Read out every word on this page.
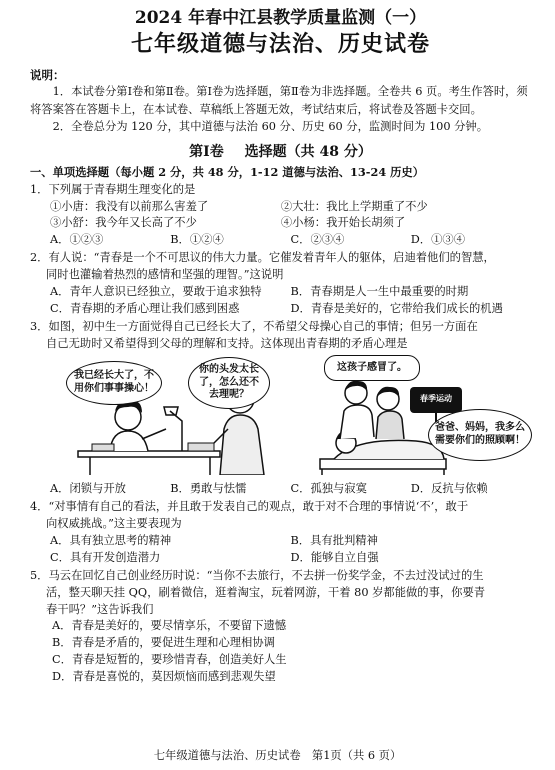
2024 年春中江县教学质量监测（一）
七年级道德与法治、历史试卷
说明：
1．本试卷分第Ⅰ卷和第Ⅱ卷。第Ⅰ卷为选择题，第Ⅱ卷为非选择题。全卷共 6 页。考生作答时，须将答案答在答题卡上，在本试卷、草稿纸上答题无效，考试结束后，将试卷及答题卡交回。
2．全卷总分为 120 分，其中道德与法治 60 分、历史 60 分，监测时间为 100 分钟。
第Ⅰ卷 选择题（共 48 分）
一、单项选择题（每小题 2 分，共 48 分，1-12 道德与法治、13-24 历史）
1．下列属于青春期生理变化的是
①小唐：我没有以前那么害羞了	②大壮：我比上学期重了不少
③小舒：我今年又长高了不少	④小杨：我开始长胡须了
A．①②③	B．①②④	C．②③④	D．①③④
2．有人说：“青春是一个不可思议的伟大力量。它催发着青年人的躯体，启迪着他们的智慧，
同时也灌输着热烈的感情和坚强的理智。”这说明
A．青年人意识已经独立，要敢于追求独特	B．青春期是人一生中最重要的时期
C．青春期的矛盾心理让我们感到困惑	D．青春是美好的，它带给我们成长的机遇
3．如图，初中生一方面觉得自己已经长大了，不希望父母操心自己的事情；但另一方面在
自己无助时又希望得到父母的理解和支持。这体现出青春期的矛盾心理是
我已经长大了，不用你们事事操心！
你的头发太长了，怎么还不去理呢？	春季运动
这孩子感冒了。
爸爸、妈妈，我多么需要你们的照顾啊！
A．闭锁与开放	B．勇敢与怯懦	C．孤独与寂寞	D．反抗与依赖
4．“对事情有自己的看法，并且敢于发表自己的观点，敢于对不合理的事情说‘不’，敢于
向权威挑战。”这主要表现为
A．具有独立思考的精神	B．具有批判精神
C．具有开发创造潜力	D．能够自立自强
5．马云在回忆自己创业经历时说：“当你不去旅行，不去拼一份奖学金，不去过没试过的生
活，整天聊天挂 QQ，刷着微信，逛着淘宝，玩着网游，干着 80 岁都能做的事，你要青
春干吗？”这告诉我们
A．青春是美好的，要尽情享乐，不要留下遗憾
B．青春是矛盾的，要促进生理和心理相协调
C．青春是短暂的，要珍惜青春，创造美好人生
D．青春是喜悦的，莫因烦恼而感到悲观失望
七年级道德与法治、历史试卷　第1页（共 6 页）
